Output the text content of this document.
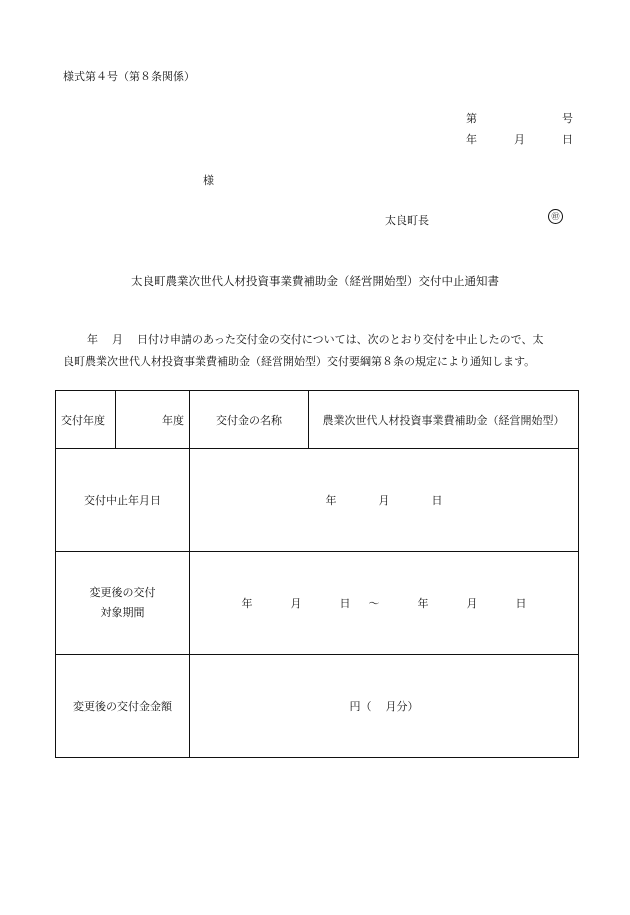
様式第４号（第８条関係）
第	号
年	月	日
様
太良町長	㊞
太良町農業次世代人材投資事業費補助金（経営開始型）交付中止通知書

年 月 日付け申請のあった交付金の交付については、次のとおり交付を中止したので、太

良町農業次世代人材投資事業費補助金（経営開始型）交付要綱第８条の規定により通知します。

交付年度	年度	交付金の名称	農業次世代人材投資事業費補助金（経営開始型）
交付中止年月日		年 月 日	

変更後の交付
対象期間		年 月 日 ～ 年 月 日	
変更後の交付金金額		円（ 月分）	
